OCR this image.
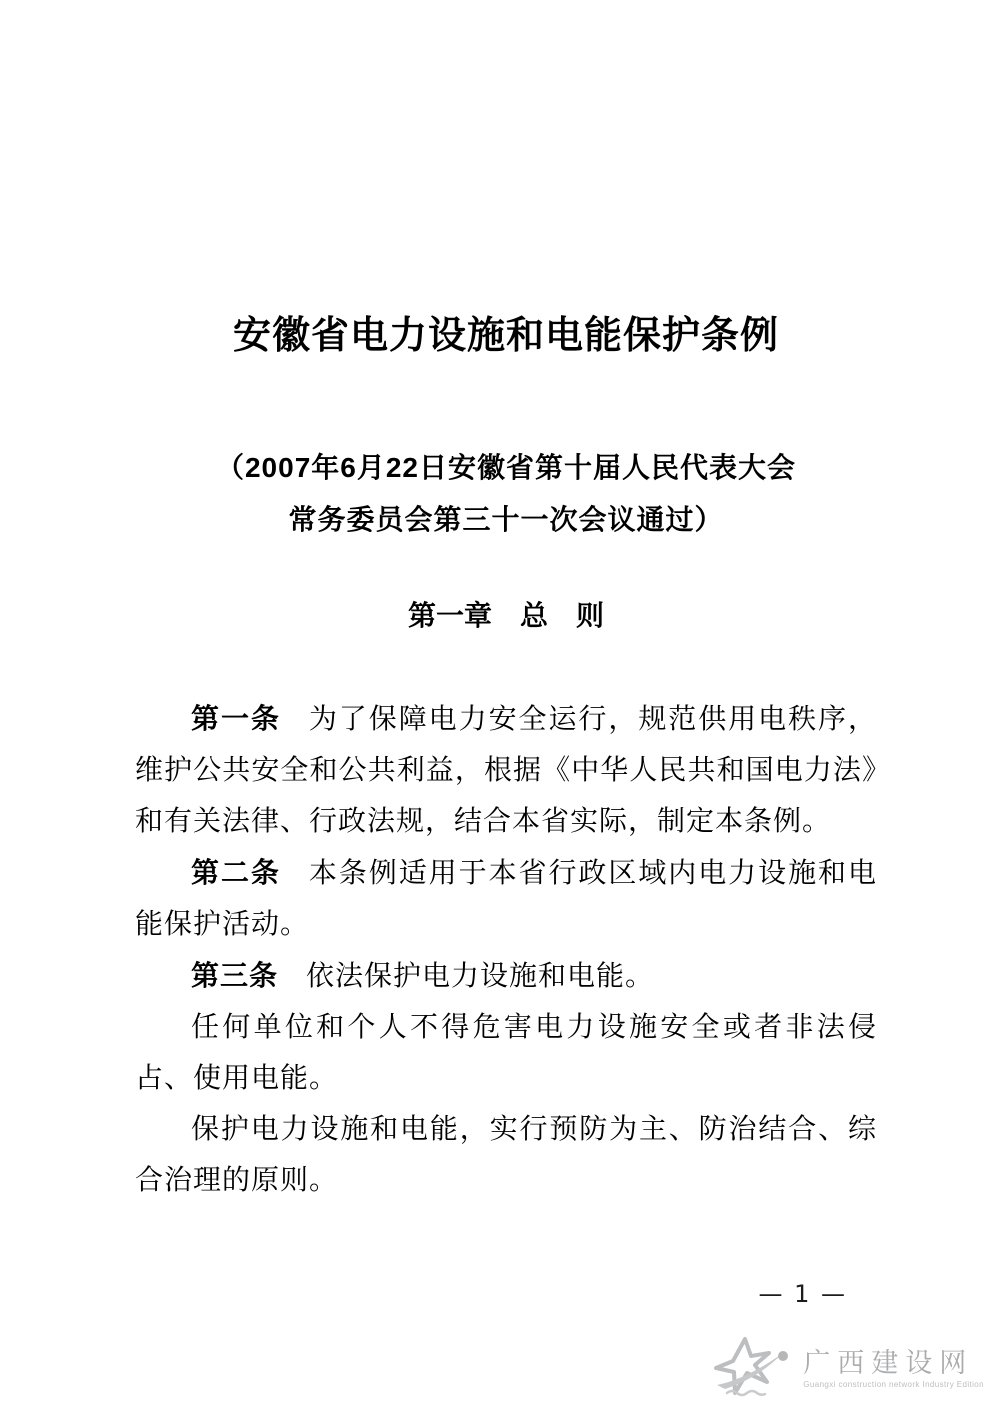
安徽省电力设施和电能保护条例
（2007年6月22日安徽省第十届人民代表大会
常务委员会第三十一次会议通过）
第一章　总　则

第一条 为了保障电力安全运行，规范供用电秩序，维护公共安全和公共利益，根据《中华人民共和国电力法》和有关法律、行政法规，结合本省实际，制定本条例。

第二条 本条例适用于本省行政区域内电力设施和电能保护活动。

第三条 依法保护电力设施和电能。

任何单位和个人不得危害电力设施安全或者非法侵占、使用电能。

保护电力设施和电能，实行预防为主、防治结合、综合治理的原则。

— 1 —
广西建设网
Guangxi construction network Industry Edition
